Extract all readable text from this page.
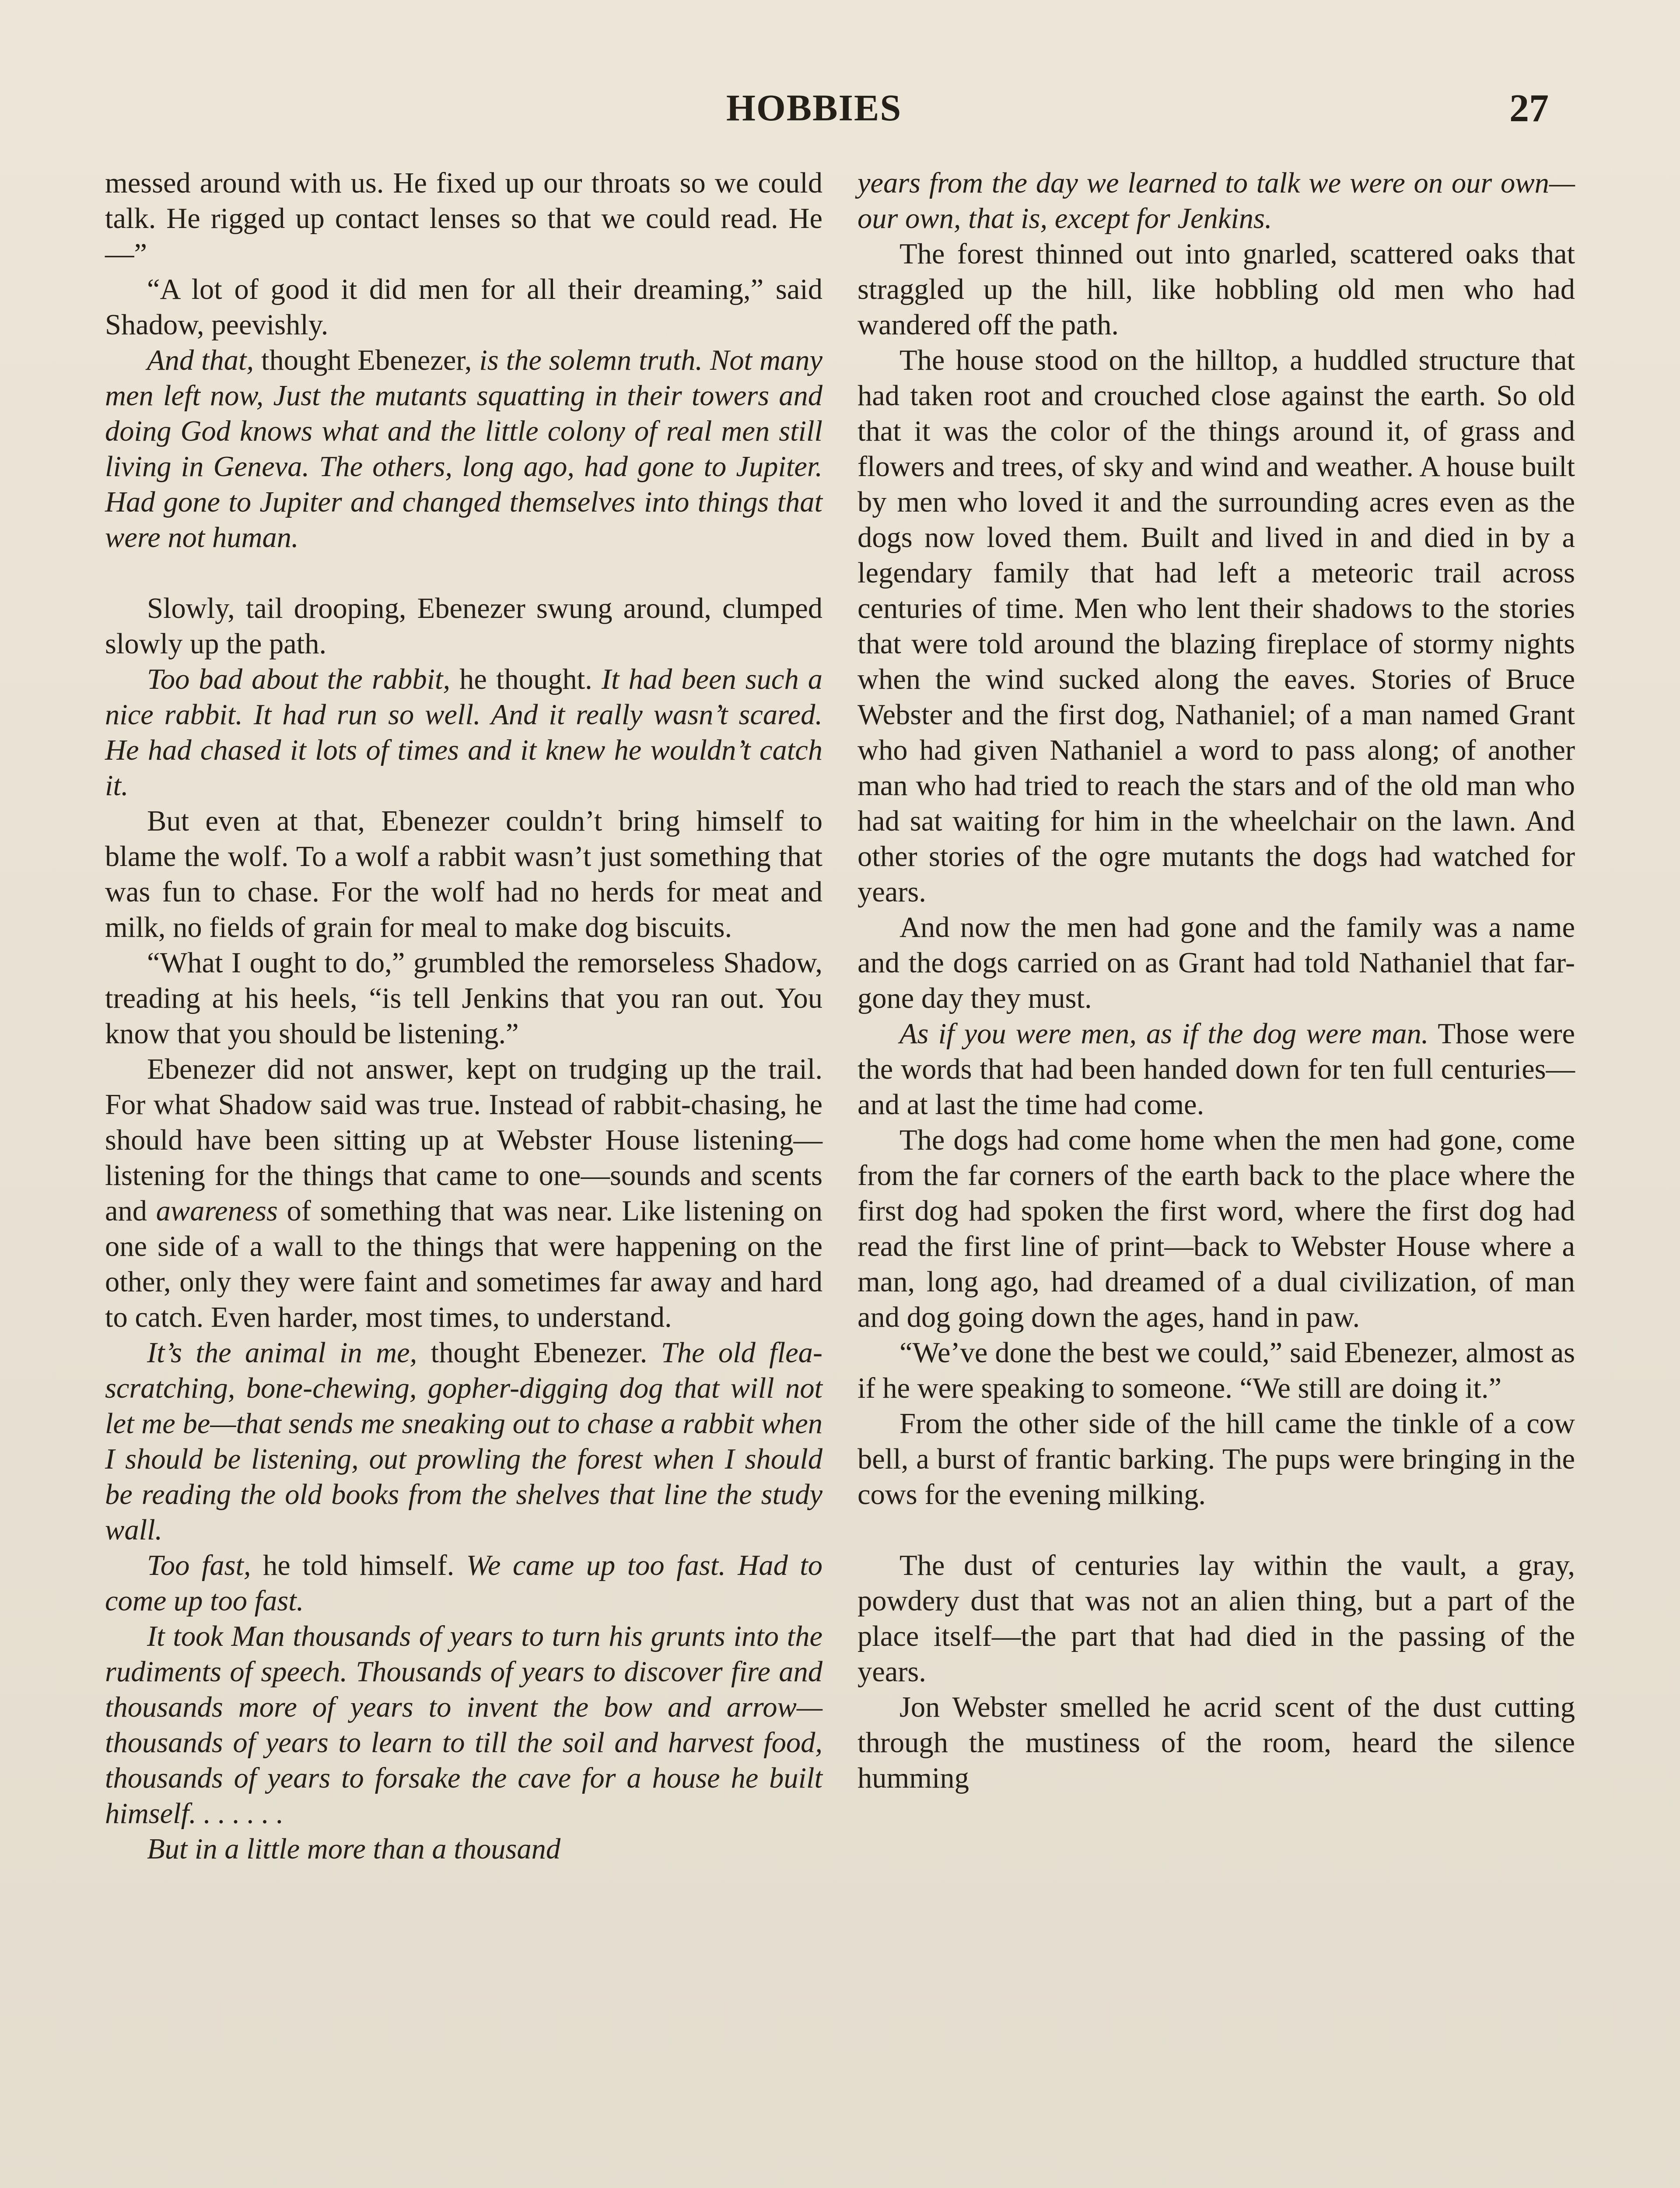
HOBBIES	27

messed around with us. He fixed up our throats so we could talk. He rigged up contact lenses so that we could read. He—”

“A lot of good it did men for all their dreaming,” said Shadow, peevishly.

And that, thought Ebenezer, is the solemn truth. Not many men left now, Just the mutants squatting in their towers and doing God knows what and the little colony of real men still living in Geneva. The others, long ago, had gone to Jupiter. Had gone to Jupiter and changed themselves into things that were not human.

Slowly, tail drooping, Ebenezer swung around, clumped slowly up the path.

Too bad about the rabbit, he thought. It had been such a nice rabbit. It had run so well. And it really wasn’t scared. He had chased it lots of times and it knew he wouldn’t catch it.

But even at that, Ebenezer couldn’t bring himself to blame the wolf. To a wolf a rabbit wasn’t just something that was fun to chase. For the wolf had no herds for meat and milk, no fields of grain for meal to make dog biscuits.

“What I ought to do,” grumbled the remorseless Shadow, treading at his heels, “is tell Jenkins that you ran out. You know that you should be listening.”

Ebenezer did not answer, kept on trudging up the trail. For what Shadow said was true. Instead of rabbit-chasing, he should have been sitting up at Webster House listening—listening for the things that came to one—sounds and scents and awareness of something that was near. Like listening on one side of a wall to the things that were happening on the other, only they were faint and sometimes far away and hard to catch. Even harder, most times, to understand.

It’s the animal in me, thought Ebenezer. The old flea-scratching, bone-chewing, gopher-digging dog that will not let me be—that sends me sneaking out to chase a rabbit when I should be listening, out prowling the forest when I should be reading the old books from the shelves that line the study wall.

Too fast, he told himself. We came up too fast. Had to come up too fast.

It took Man thousands of years to turn his grunts into the rudiments of speech. Thousands of years to discover fire and thousands more of years to invent the bow and arrow—thousands of years to learn to till the soil and harvest food, thousands of years to forsake the cave for a house he built himself. . . . . . .

But in a little more than a thousand

years from the day we learned to talk we were on our own—our own, that is, except for Jenkins.

The forest thinned out into gnarled, scattered oaks that straggled up the hill, like hobbling old men who had wandered off the path.

The house stood on the hilltop, a huddled structure that had taken root and crouched close against the earth. So old that it was the color of the things around it, of grass and flowers and trees, of sky and wind and weather. A house built by men who loved it and the surrounding acres even as the dogs now loved them. Built and lived in and died in by a legendary family that had left a meteoric trail across centuries of time. Men who lent their shadows to the stories that were told around the blazing fireplace of stormy nights when the wind sucked along the eaves. Stories of Bruce Webster and the first dog, Nathaniel; of a man named Grant who had given Nathaniel a word to pass along; of another man who had tried to reach the stars and of the old man who had sat waiting for him in the wheelchair on the lawn. And other stories of the ogre mutants the dogs had watched for years.

And now the men had gone and the family was a name and the dogs carried on as Grant had told Nathaniel that far-gone day they must.

As if you were men, as if the dog were man. Those were the words that had been handed down for ten full centuries—and at last the time had come.

The dogs had come home when the men had gone, come from the far corners of the earth back to the place where the first dog had spoken the first word, where the first dog had read the first line of print—back to Webster House where a man, long ago, had dreamed of a dual civilization, of man and dog going down the ages, hand in paw.

“We’ve done the best we could,” said Ebenezer, almost as if he were speaking to someone. “We still are doing it.”

From the other side of the hill came the tinkle of a cow bell, a burst of frantic barking. The pups were bringing in the cows for the evening milking.

The dust of centuries lay within the vault, a gray, powdery dust that was not an alien thing, but a part of the place itself—the part that had died in the passing of the years.

Jon Webster smelled he acrid scent of the dust cutting through the mustiness of the room, heard the silence humming
